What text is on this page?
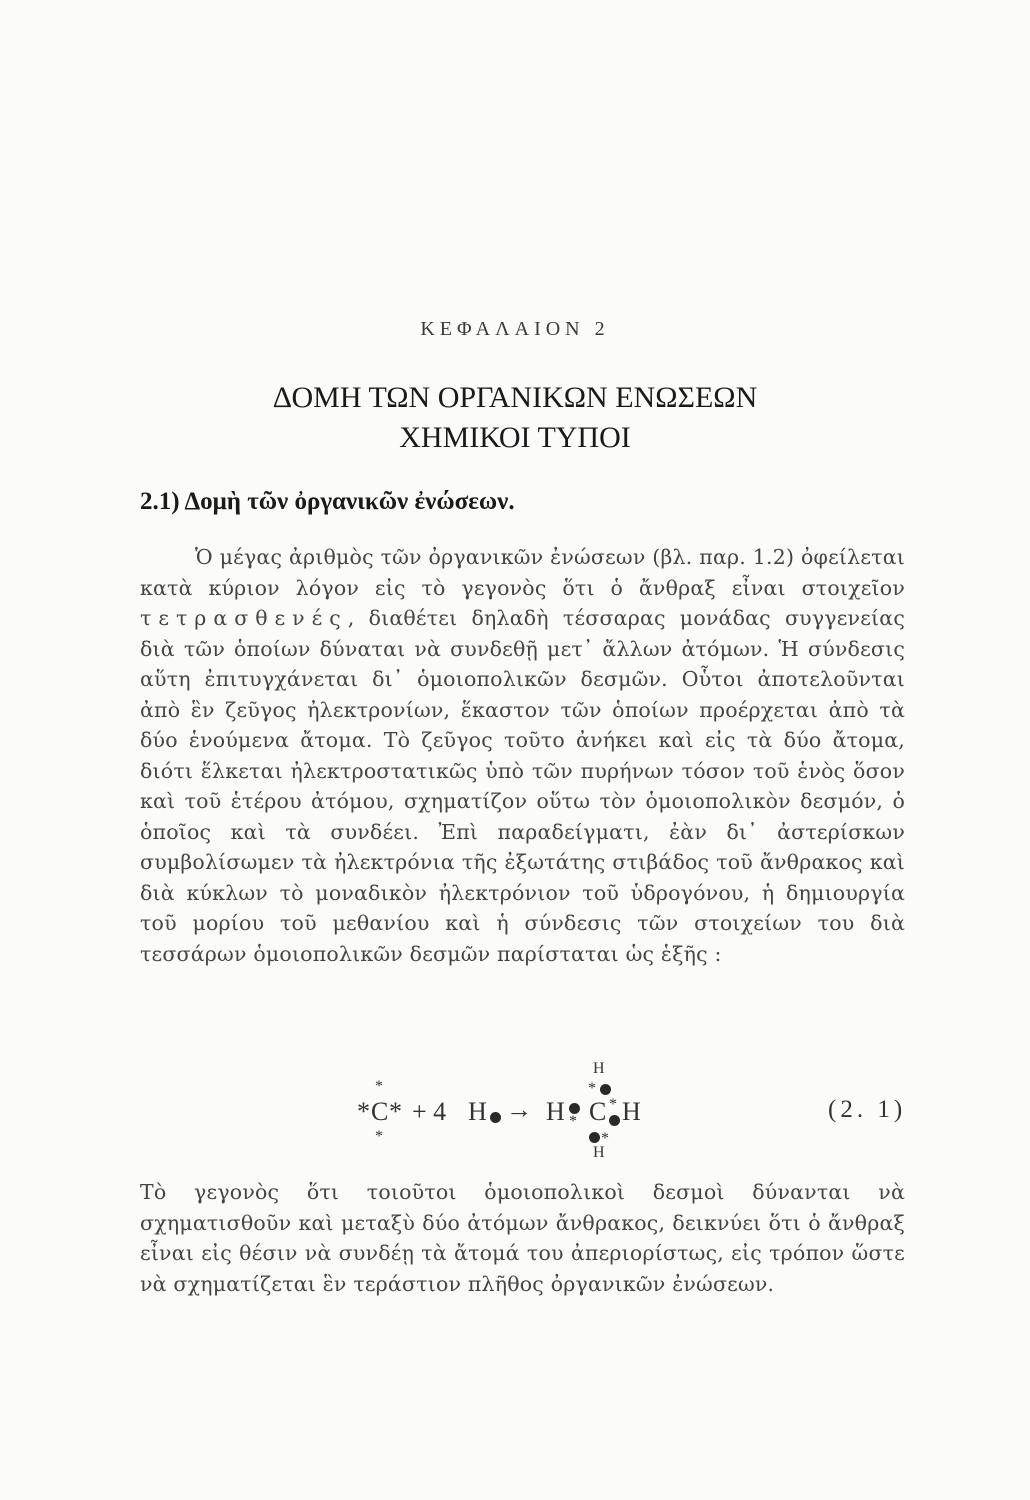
ΚΕΦΑΛΑΙΟΝ 2
ΔΟΜΗ ΤΩΝ ΟΡΓΑΝΙΚΩΝ ΕΝΩΣΕΩΝ
ΧΗΜΙΚΟΙ ΤΥΠΟΙ
2.1) Δομὴ τῶν ὀργανικῶν ἐνώσεων.
Ὁ μέγας ἀριθμὸς τῶν ὀργανικῶν ἐνώσεων (βλ. παρ. 1.2) ὀφείλεται κατὰ κύριον λόγον εἰς τὸ γεγονὸς ὅτι ὁ ἄνθραξ εἶναι στοιχεῖον τετρασθενές, διαθέτει δηλαδὴ τέσσαρας μονάδας συγγενείας διὰ τῶν ὁποίων δύναται νὰ συνδεθῇ μετ᾽ ἄλλων ἀτόμων. Ἡ σύνδεσις αὕτη ἐπιτυγχάνεται δι᾽ ὁμοιοπολικῶν δεσμῶν. Οὗτοι ἀποτελοῦνται ἀπὸ ἓν ζεῦγος ἠλεκτρονίων, ἕκαστον τῶν ὁποίων προέρχεται ἀπὸ τὰ δύο ἑνούμενα ἄτομα. Τὸ ζεῦγος τοῦτο ἀνήκει καὶ εἰς τὰ δύο ἄτομα, διότι ἕλκεται ἠλεκτροστατικῶς ὑπὸ τῶν πυρήνων τόσον τοῦ ἑνὸς ὅσον καὶ τοῦ ἑτέρου ἀτόμου, σχηματίζον οὕτω τὸν ὁμοιοπολικὸν δεσμόν, ὁ ὁποῖος καὶ τὰ συνδέει. Ἐπὶ παραδείγματι, ἐὰν δι᾽ ἀστερίσκων συμβολίσωμεν τὰ ἠλεκτρόνια τῆς ἐξωτάτης στιβάδος τοῦ ἄνθρακος καὶ διὰ κύκλων τὸ μοναδικὸν ἠλεκτρόνιον τοῦ ὑδρογόνου, ἡ δημιουργία τοῦ μορίου τοῦ μεθανίου καὶ ἡ σύνδεσις τῶν στοιχείων του διὰ τεσσάρων ὁμοιοπολικῶν δεσμῶν παρίσταται ὡς ἑξῆς :
*
* C *
*
+ 4 H →
H
*
H * C * H
*
H
(2. 1)
Τὸ γεγονὸς ὅτι τοιοῦτοι ὁμοιοπολικοὶ δεσμοὶ δύνανται νὰ σχηματισθοῦν καὶ μεταξὺ δύο ἀτόμων ἄνθρακος, δεικνύει ὅτι ὁ ἄνθραξ εἶναι εἰς θέσιν νὰ συνδέῃ τὰ ἄτομά του ἀπεριορίστως, εἰς τρόπον ὥστε νὰ σχηματίζεται ἓν τεράστιον πλῆθος ὀργανικῶν ἐνώσεων.
